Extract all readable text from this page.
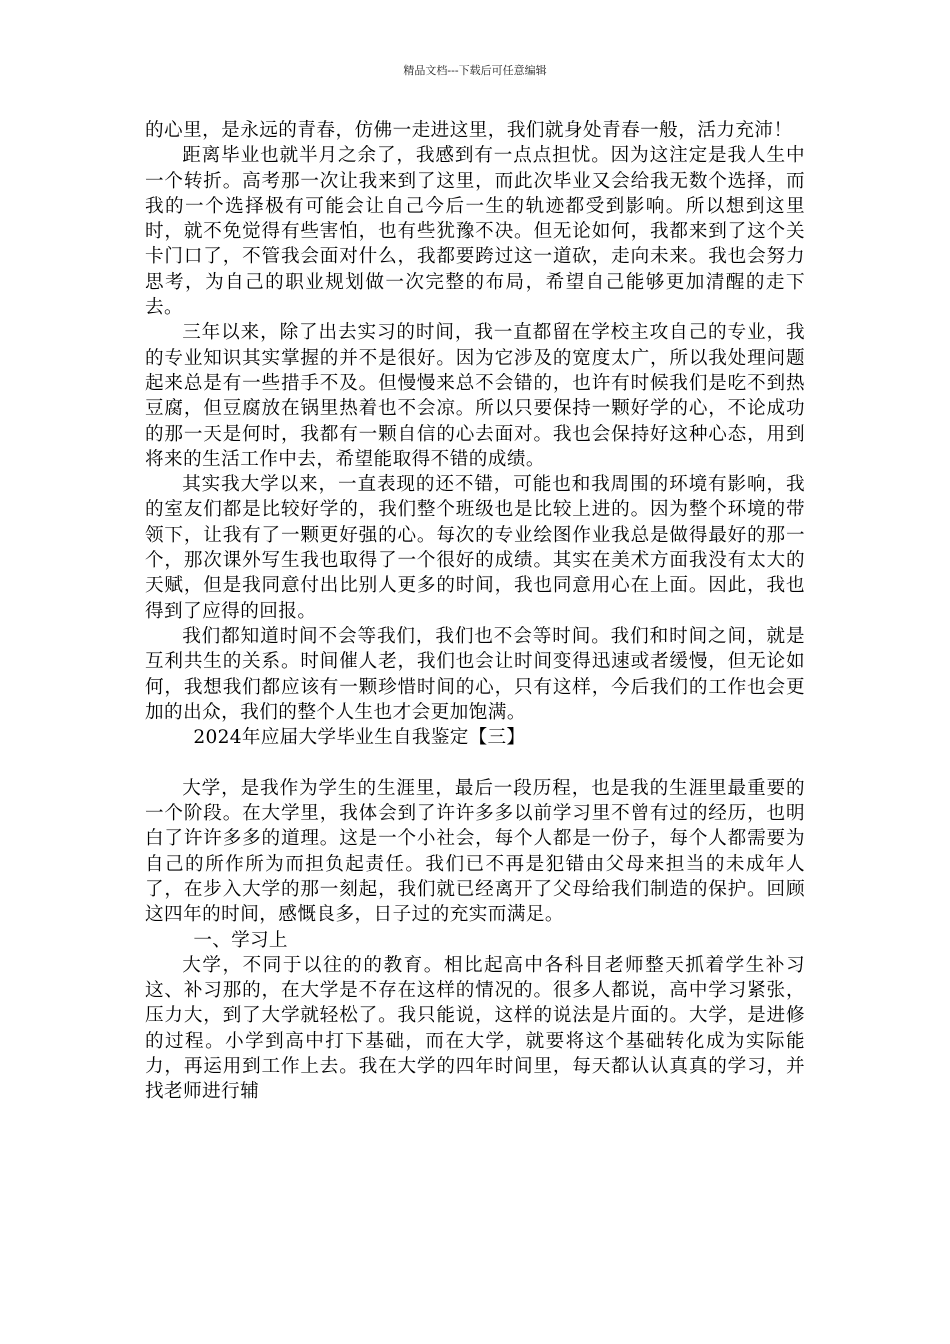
精品文档---下载后可任意编辑

的心里，是永远的青春，仿佛一走进这里，我们就身处青春一般，活力充沛！

距离毕业也就半月之余了，我感到有一点点担忧。因为这注定是我人生中一个转折。高考那一次让我来到了这里，而此次毕业又会给我无数个选择，而我的一个选择极有可能会让自己今后一生的轨迹都受到影响。所以想到这里时，就不免觉得有些害怕，也有些犹豫不决。但无论如何，我都来到了这个关卡门口了，不管我会面对什么，我都要跨过这一道砍，走向未来。我也会努力思考，为自己的职业规划做一次完整的布局，希望自己能够更加清醒的走下去。

三年以来，除了出去实习的时间，我一直都留在学校主攻自己的专业，我的专业知识其实掌握的并不是很好。因为它涉及的宽度太广，所以我处理问题起来总是有一些措手不及。但慢慢来总不会错的，也许有时候我们是吃不到热豆腐，但豆腐放在锅里热着也不会凉。所以只要保持一颗好学的心，不论成功的那一天是何时，我都有一颗自信的心去面对。我也会保持好这种心态，用到将来的生活工作中去，希望能取得不错的成绩。

其实我大学以来，一直表现的还不错，可能也和我周围的环境有影响，我的室友们都是比较好学的，我们整个班级也是比较上进的。因为整个环境的带领下，让我有了一颗更好强的心。每次的专业绘图作业我总是做得最好的那一个，那次课外写生我也取得了一个很好的成绩。其实在美术方面我没有太大的天赋，但是我同意付出比别人更多的时间，我也同意用心在上面。因此，我也得到了应得的回报。

我们都知道时间不会等我们，我们也不会等时间。我们和时间之间，就是互利共生的关系。时间催人老，我们也会让时间变得迅速或者缓慢，但无论如何，我想我们都应该有一颗珍惜时间的心，只有这样，今后我们的工作也会更加的出众，我们的整个人生也才会更加饱满。

2024年应届大学毕业生自我鉴定【三】

大学，是我作为学生的生涯里，最后一段历程，也是我的生涯里最重要的一个阶段。在大学里，我体会到了许许多多以前学习里不曾有过的经历，也明白了许许多多的道理。这是一个小社会，每个人都是一份子，每个人都需要为自己的所作所为而担负起责任。我们已不再是犯错由父母来担当的未成年人了，在步入大学的那一刻起，我们就已经离开了父母给我们制造的保护。回顾这四年的时间，感慨良多，日子过的充实而满足。

一、学习上

大学，不同于以往的的教育。相比起高中各科目老师整天抓着学生补习这、补习那的，在大学是不存在这样的情况的。很多人都说，高中学习紧张，压力大，到了大学就轻松了。我只能说，这样的说法是片面的。大学，是进修的过程。小学到高中打下基础，而在大学，就要将这个基础转化成为实际能力，再运用到工作上去。我在大学的四年时间里，每天都认认真真的学习，并找老师进行辅
